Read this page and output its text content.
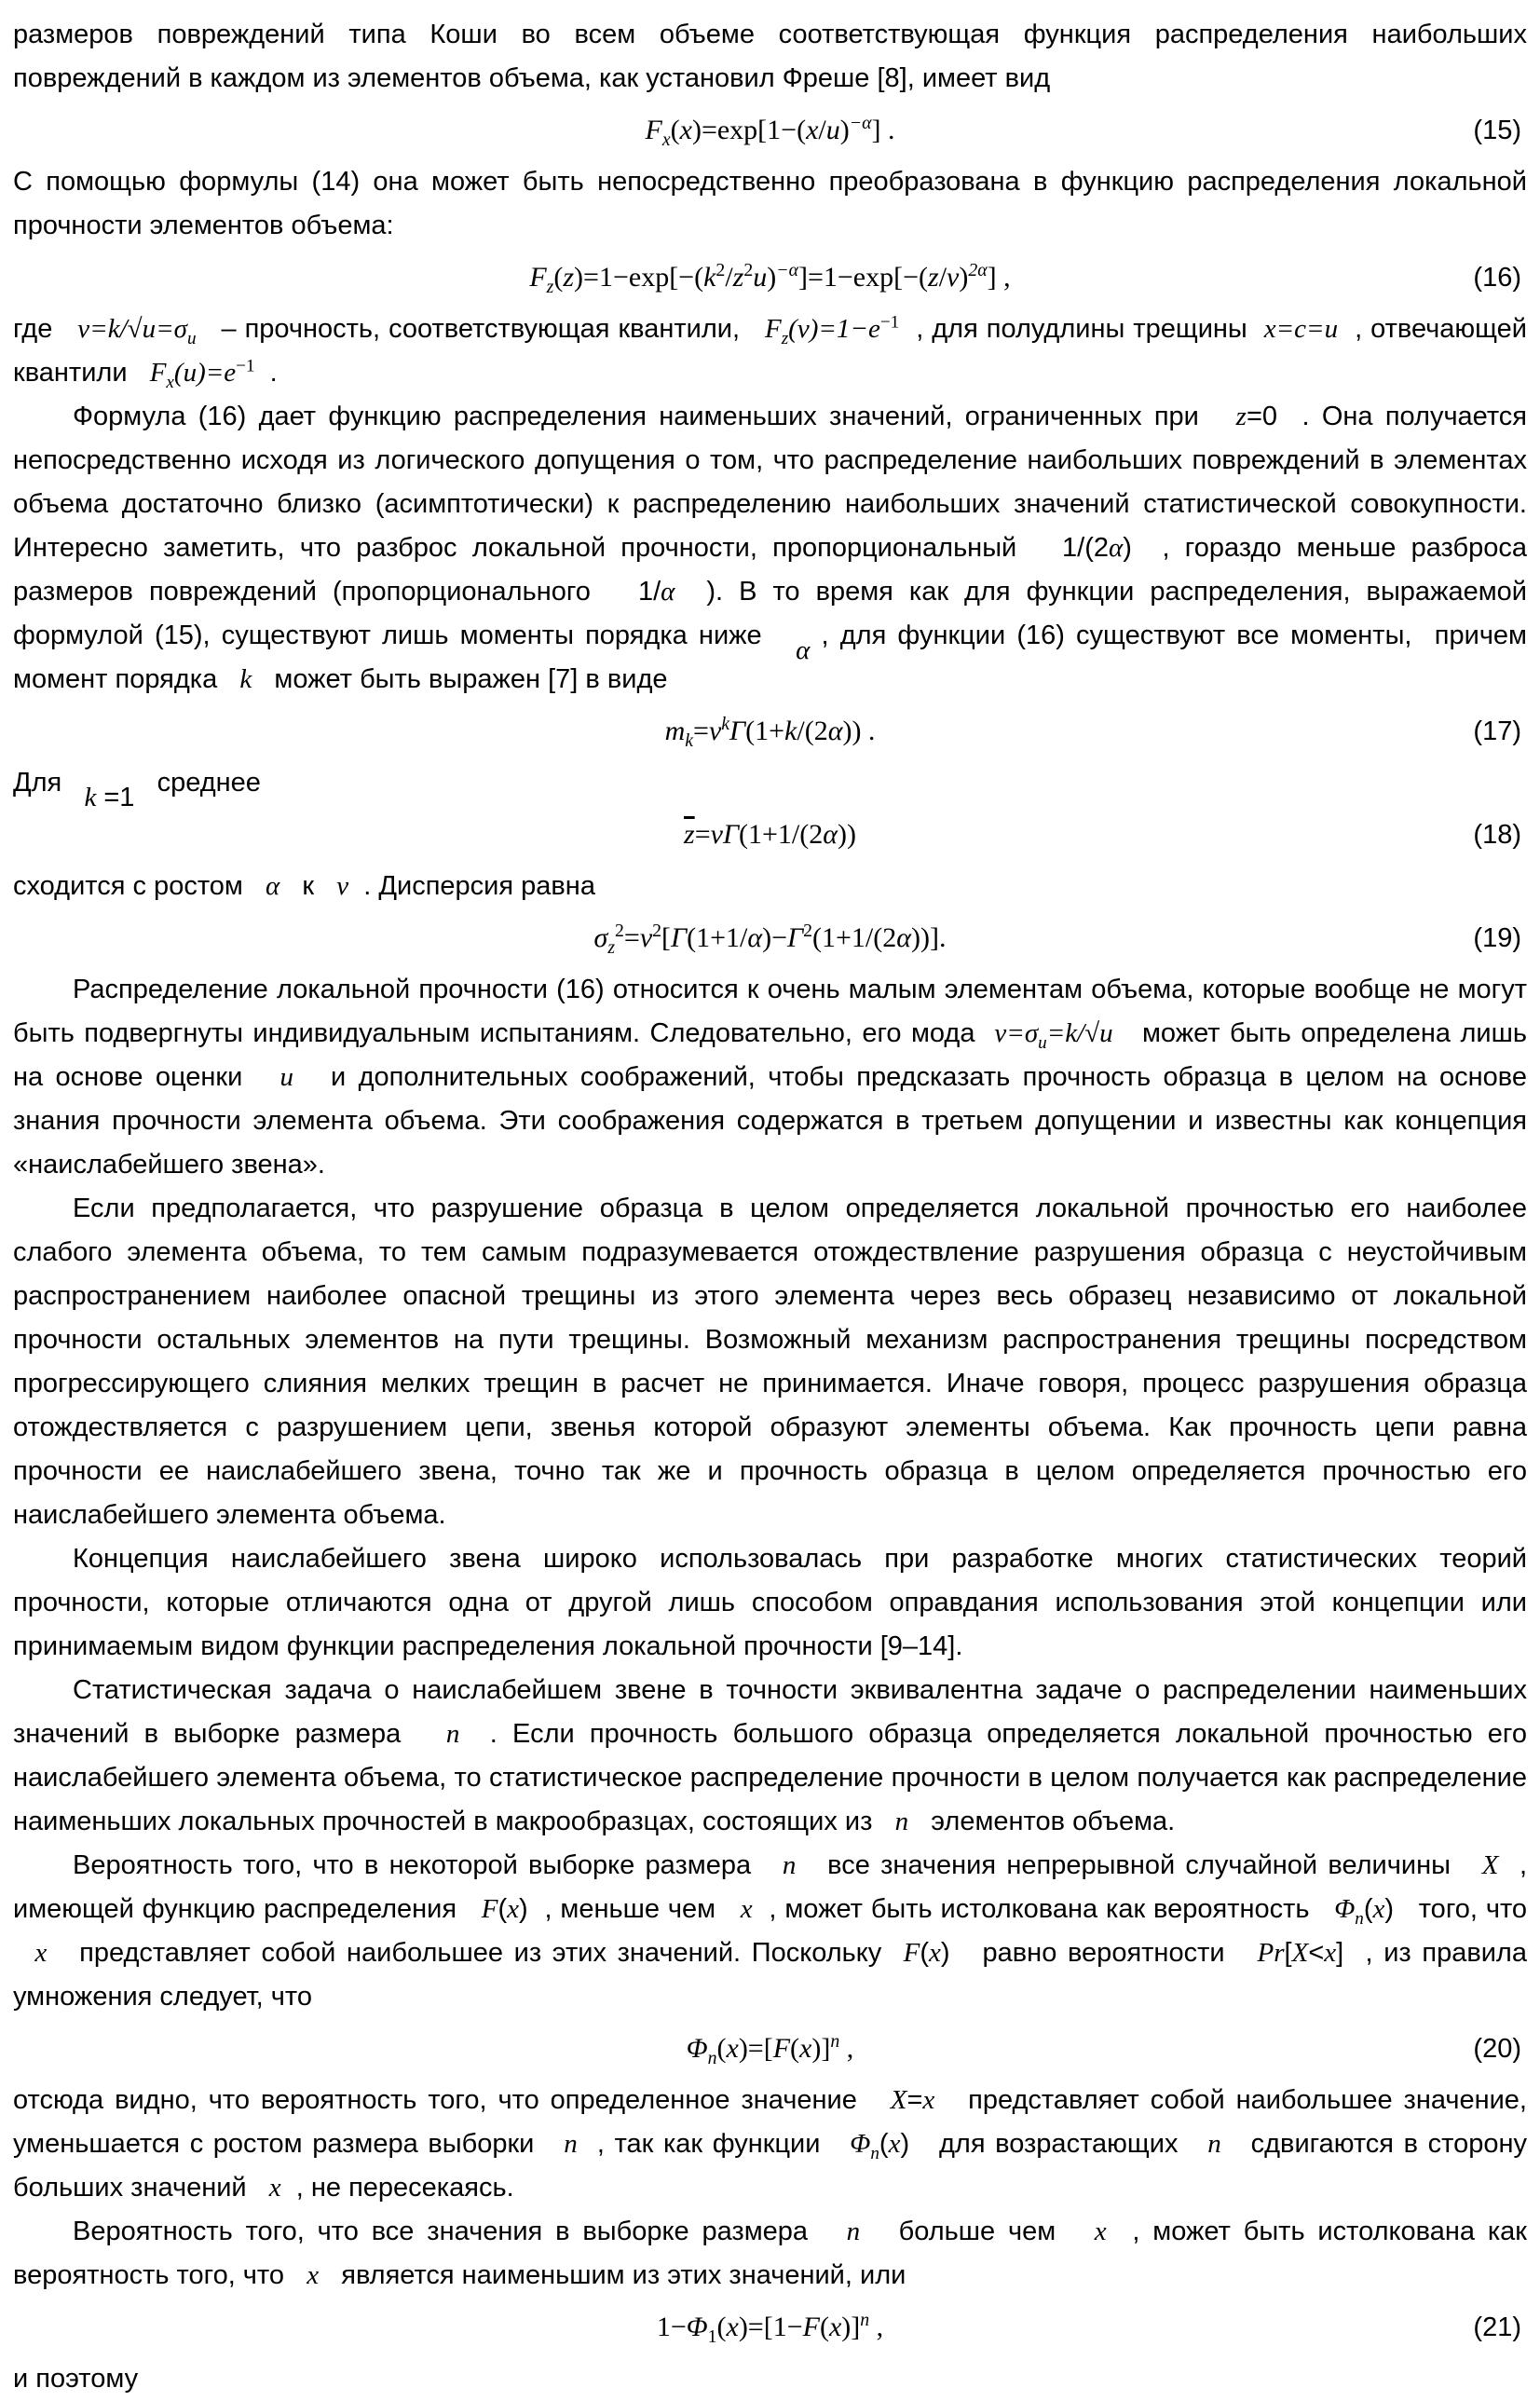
размеров повреждений типа Коши во всем объеме соответствующая функция распределения наибольших повреждений в каждом из элементов объема, как установил Фреше [8], имеет вид

$F_x(x)=\exp[1-(x/u)^{-\alpha}]$ .	(15)

С помощью формулы (14) она может быть непосредственно преобразована в функцию распределения локальной прочности элементов объема:

$F_z(z)=1-\exp[-(k^2/z^2u)^{-\alpha}]=1-\exp[-(z/v)^{2\alpha}]$ ,	(16)

где   $v=k/√u=\sigma_u$   – прочность, соответствующая квантили,   $F_z(v)=1-e^{-1}$  , для полудлины трещины  x=c=u  , отвечающей квантили   $F_x(u)=e^{-1}$  .

Формула (16) дает функцию распределения наименьших значений, ограниченных при   z=0  . Она получается непосредственно исходя из логического допущения о том, что распределение наибольших повреждений в элементах объема достаточно близко (асимптотически) к распределению наибольших значений статистической совокупности. Интересно заметить, что разброс локальной прочности, пропорциональный   1/(2α)  , гораздо меньше разброса размеров повреждений (пропорционального   1/α  ). В то время как для функции распределения, выражаемой формулой (15), существуют лишь моменты порядка ниже   α , для функции (16) существуют все моменты,  причем момент порядка   k   может быть выражен [7] в виде

$m_k=v^k\Gamma(1+k/(2\alpha))$ .	(17)

Для   k =1   среднее

$\overline{z}=v\Gamma(1+1/(2\alpha))$	(18)

сходится с ростом   α   к   v  . Дисперсия равна

$\sigma_z^2=v^2[\Gamma(1+1/\alpha)-\Gamma^2(1+1/(2\alpha))]$.	(19)

Распределение локальной прочности (16) относится к очень малым элементам объема, которые вообще не могут быть подвергнуты индивидуальным испытаниям. Следовательно, его мода  $v=\sigma_u=k/√u$   может быть определена лишь на основе оценки   u   и дополнительных соображений, чтобы предсказать прочность образца в целом на основе знания прочности элемента объема. Эти соображения содержатся в третьем допущении и известны как концепция «наислабейшего звена».

Если предполагается, что разрушение образца в целом определяется локальной прочностью его наиболее слабого элемента объема, то тем самым подразумевается отождествление разрушения образца с неустойчивым распространением наиболее опасной трещины из этого элемента через весь образец независимо от локальной прочности остальных элементов на пути трещины. Возможный механизм распространения трещины посредством прогрессирующего слияния мелких трещин в расчет не принимается. Иначе говоря, процесс разрушения образца отождествляется с разрушением цепи, звенья которой образуют элементы объема. Как прочность цепи равна прочности ее наислабейшего звена, точно так же и прочность образца в целом определяется прочностью его наислабейшего элемента объема.

Концепция наислабейшего звена широко использовалась при разработке многих статистических теорий прочности, которые отличаются одна от другой лишь способом оправдания использования этой концепции или принимаемым видом функции распределения локальной прочности [9–14].

Статистическая задача о наислабейшем звене в точности эквивалентна задаче о распределении наименьших значений в выборке размера   n  . Если прочность большого образца определяется локальной прочностью его наислабейшего элемента объема, то статистическое распределение прочности в целом получается как распределение наименьших локальных прочностей в макрообразцах, состоящих из   n   элементов объема.

Вероятность того, что в некоторой выборке размера   n   все значения непрерывной случайной величины   X  , имеющей функцию распределения   F(x)  , меньше чем   x  , может быть истолкована как вероятность   $\Phi_n(x)$   того, что   x   представляет собой наибольшее из этих значений. Поскольку  F(x)   равно вероятности   Pr[X<x]  , из правила умножения следует, что

$\Phi_n(x)=[F(x)]^n$ ,	(20)

отсюда видно, что вероятность того, что определенное значение   X=x   представляет собой наибольшее значение, уменьшается с ростом размера выборки   n  , так как функции   $\Phi_n(x)$   для возрастающих   n   сдвигаются в сторону больших значений   x  , не пересекаясь.

Вероятность того, что все значения в выборке размера   n   больше чем   x  , может быть истолкована как вероятность того, что   x   является наименьшим из этих значений, или

$1-\Phi_1(x)=[1-F(x)]^n$ ,	(21)

и поэтому
